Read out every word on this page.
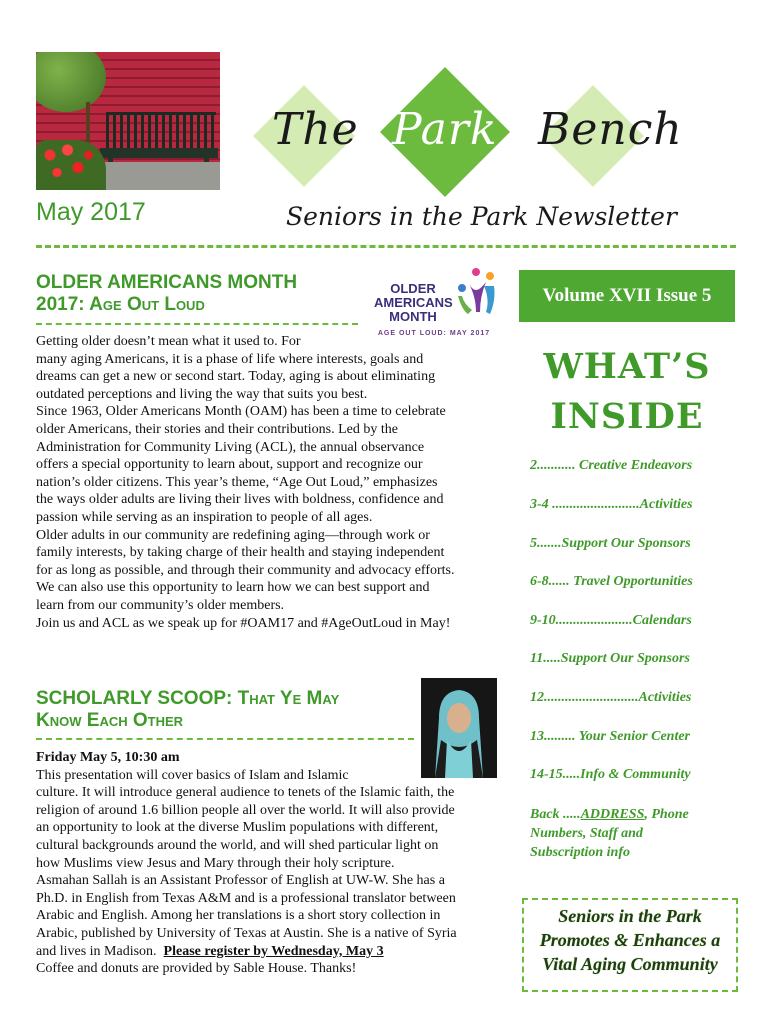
The Park Bench
May 2017	Seniors in the Park Newsletter
OLDER AMERICANS MONTH
2017: Age Out Loud
OLDER
AMERICANS
MONTH
AGE OUT LOUD: MAY 2017

Getting older doesn’t mean what it used to. For

many aging Americans, it is a phase of life where interests, goals and

dreams can get a new or second start. Today, aging is about eliminating

outdated perceptions and living the way that suits you best.

Since 1963, Older Americans Month (OAM) has been a time to celebrate

older Americans, their stories and their contributions. Led by the

Administration for Community Living (ACL), the annual observance

offers a special opportunity to learn about, support and recognize our

nation’s older citizens. This year’s theme, “Age Out Loud,” emphasizes

the ways older adults are living their lives with boldness, confidence and

passion while serving as an inspiration to people of all ages.

Older adults in our community are redefining aging—through work or

family interests, by taking charge of their health and staying independent

for as long as possible, and through their community and advocacy efforts.

We can also use this opportunity to learn how we can best support and

learn from our community’s older members.

Join us and ACL as we speak up for #OAM17 and #AgeOutLoud in May!

SCHOLARLY SCOOP: That Ye May
Know Each Other

Friday May 5, 10:30 am

This presentation will cover basics of Islam and Islamic

culture. It will introduce general audience to tenets of the Islamic faith, the

religion of around 1.6 billion people all over the world. It will also provide

an opportunity to look at the diverse Muslim populations with different,

cultural backgrounds around the world, and will shed particular light on

how Muslims view Jesus and Mary through their holy scripture.

Asmahan Sallah is an Assistant Professor of English at UW-W. She has a

Ph.D. in English from Texas A&M and is a professional translator between

Arabic and English. Among her translations is a short story collection in

Arabic, published by University of Texas at Austin. She is a native of Syria

and lives in Madison.  Please register by Wednesday, May 3

Coffee and donuts are provided by Sable House. Thanks!

Volume XVII Issue 5
WHAT’S
INSIDE
2........... Creative Endeavors
3-4 .........................Activities
5.......Support Our Sponsors
6-8...... Travel Opportunities
9-10......................Calendars
11.....Support Our Sponsors
12...........................Activities
13......... Your Senior Center
14-15.....Info & Community
Back .....ADDRESS, Phone
Numbers, Staff and
Subscription info
Seniors in the Park
Promotes & Enhances a
Vital Aging Community
